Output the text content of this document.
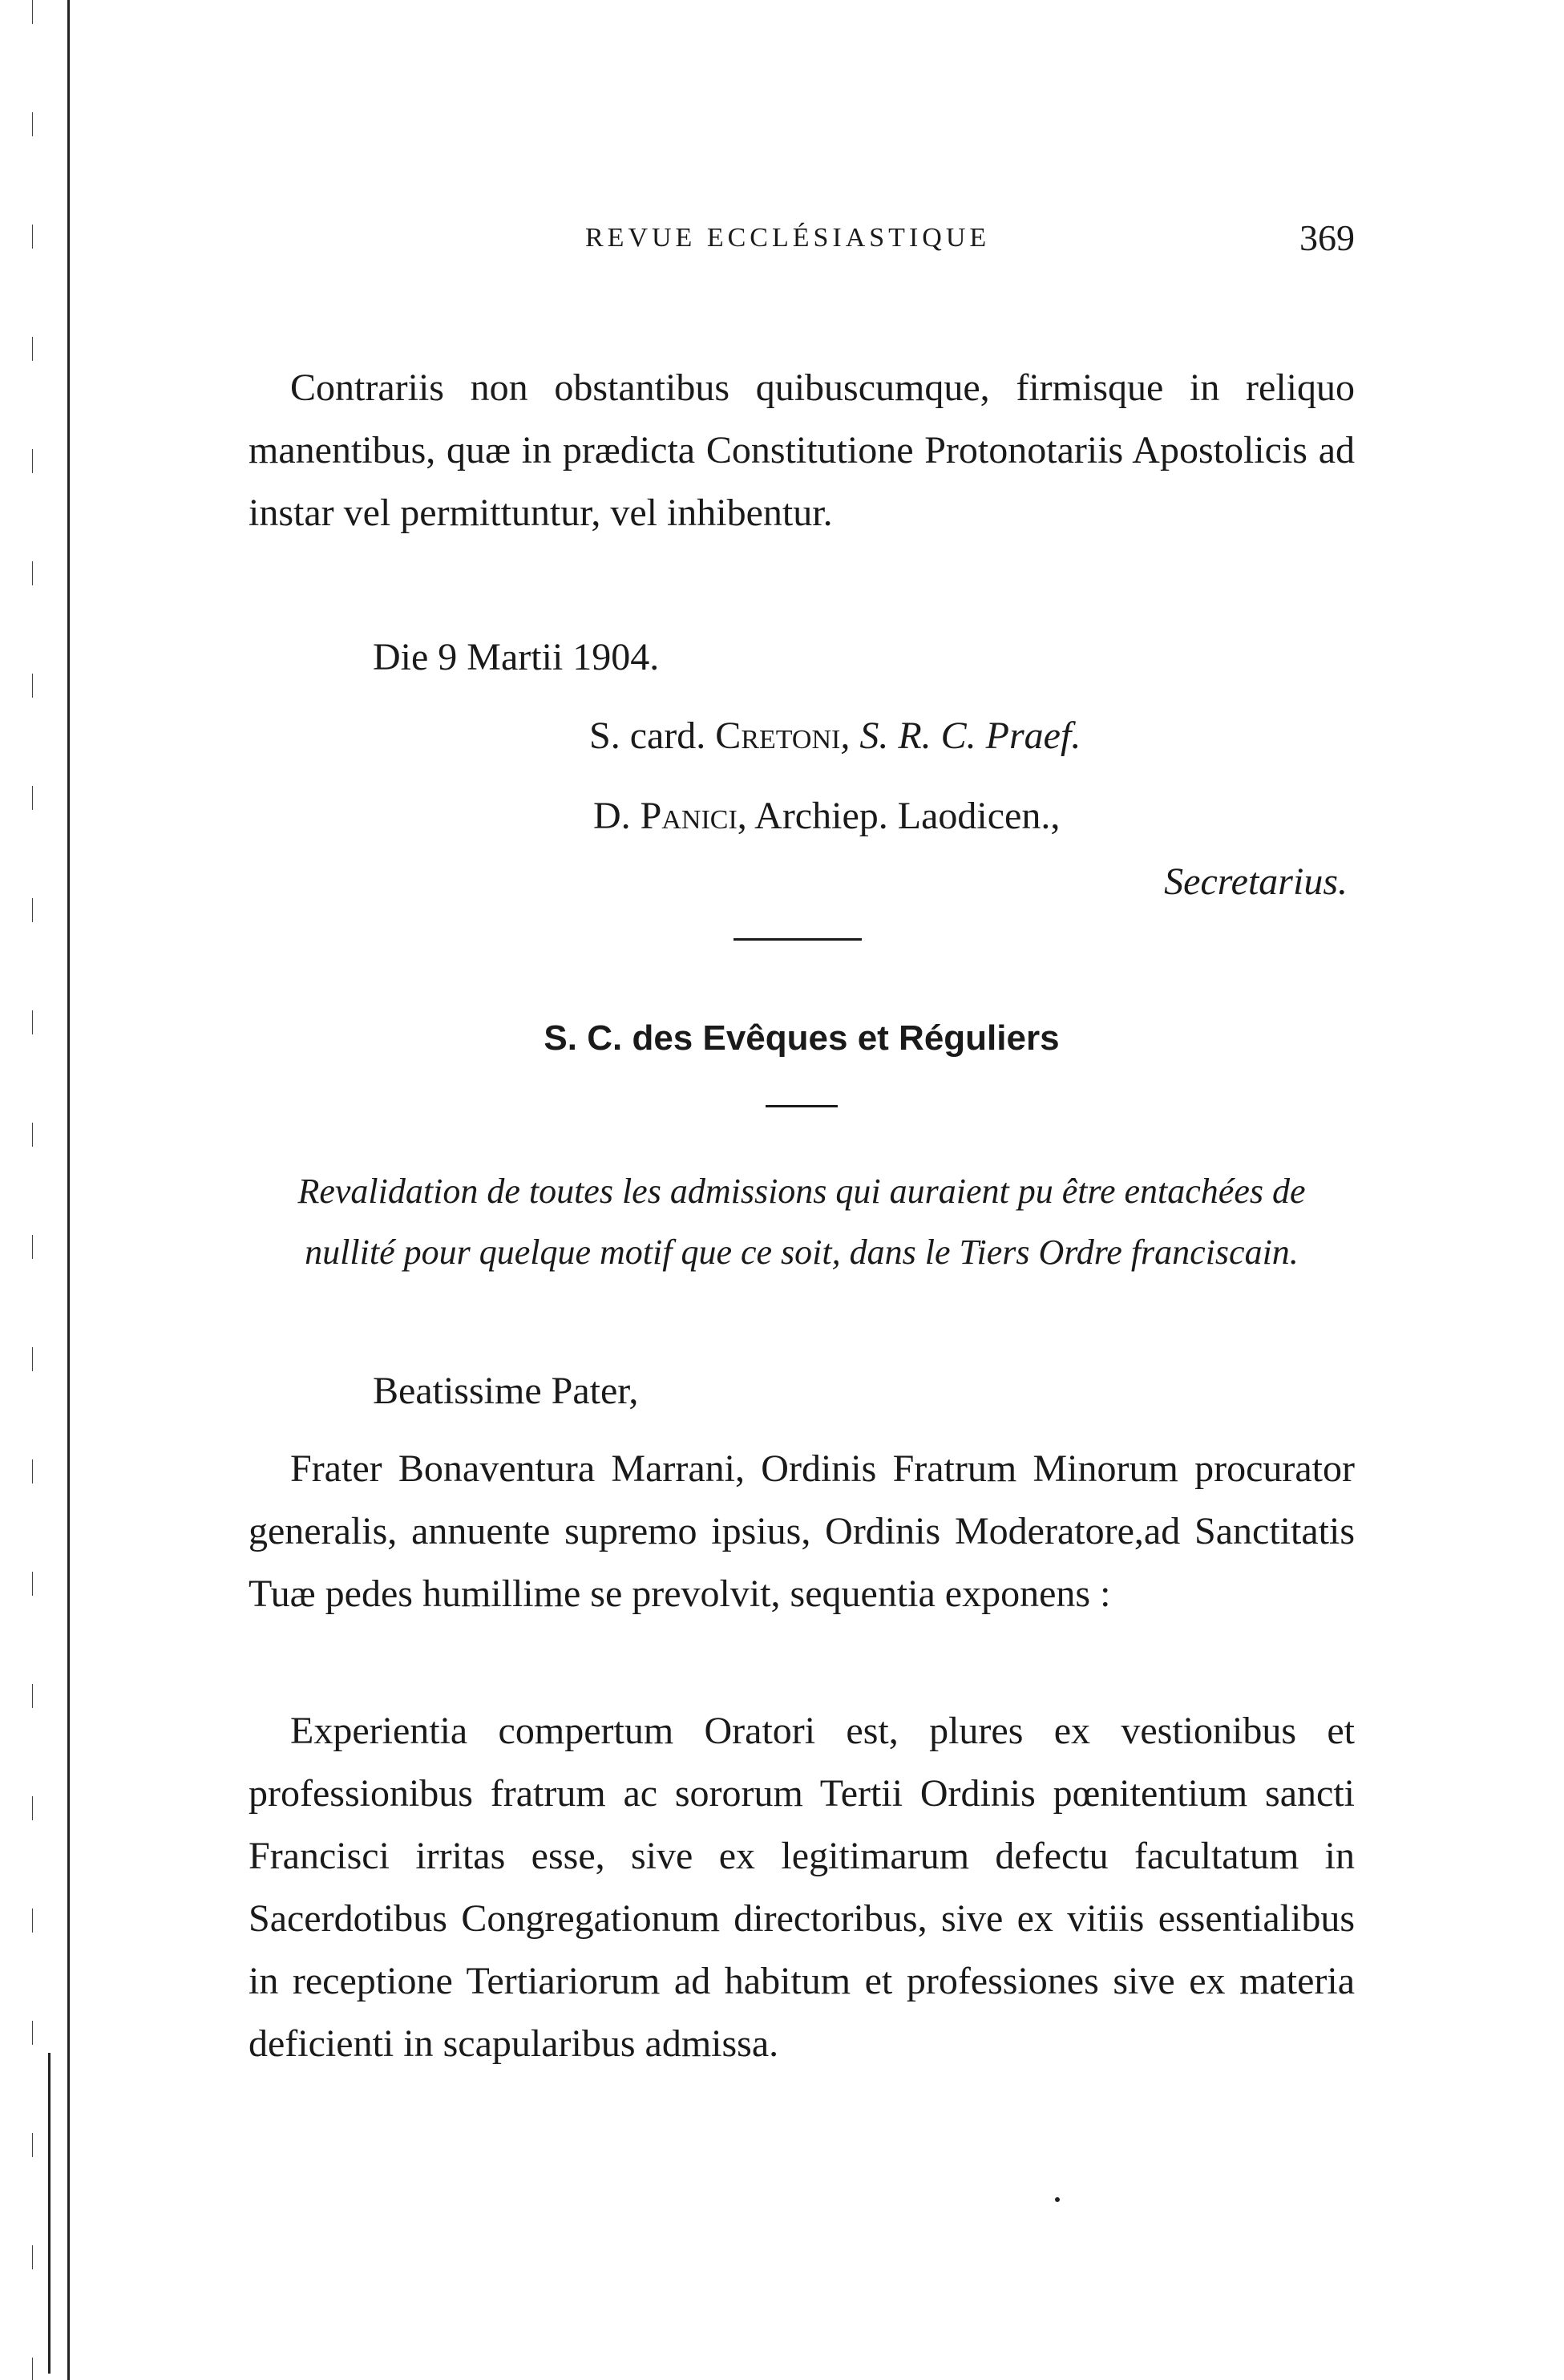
REVUE ECCLÉSIASTIQUE	369

Contrariis non obstantibus quibuscumque, firmisque in reliquo manentibus, quæ in prædicta Constitutione Protonotariis Apostolicis ad instar vel permittuntur, vel inhibentur.

Die 9 Martii 1904.
S. card. Cretoni, S. R. C. Praef.
D. Panici, Archiep. Laodicen.,
Secretarius.
S. C. des Evêques et Réguliers

Revalidation de toutes les admissions qui auraient pu être entachées de nullité pour quelque motif que ce soit, dans le Tiers Ordre franciscain.

Beatissime Pater,

Frater Bonaventura Marrani, Ordinis Fratrum Minorum procurator generalis, annuente supremo ipsius, Ordinis Moderatore,ad Sanctitatis Tuæ pedes humillime se prevolvit, sequentia exponens :

Experientia compertum Oratori est, plures ex vestionibus et professionibus fratrum ac sororum Tertii Ordinis pœnitentium sancti Francisci irritas esse, sive ex legitimarum defectu facultatum in Sacerdotibus Congregationum directoribus, sive ex vitiis essentialibus in receptione Tertiariorum ad habitum et professiones sive ex materia deficienti in scapularibus admissa.
